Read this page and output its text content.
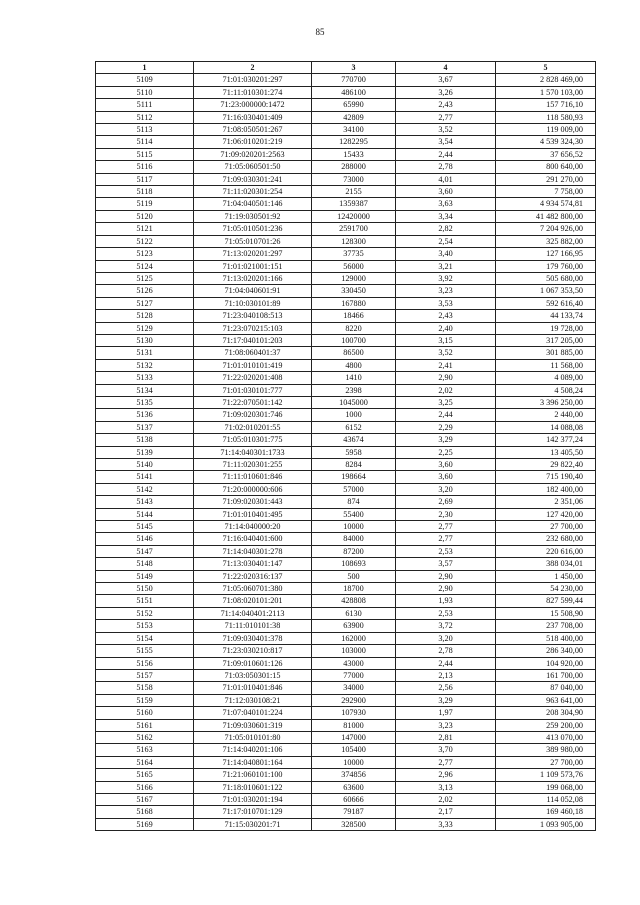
85
1	2	3	4	5
5109	71:01:030201:297	770700	3,67	2 828 469,00
5110	71:11:010301:274	486100	3,26	1 570 103,00
5111	71:23:000000:1472	65990	2,43	157 716,10
5112	71:16:030401:409	42809	2,77	118 580,93
5113	71:08:050501:267	34100	3,52	119 009,00
5114	71:06:010201:219	1282295	3,54	4 539 324,30
5115	71:09:020201:2563	15433	2,44	37 656,52
5116	71:05:060501:50	288000	2,78	800 640,00
5117	71:09:030301:241	73000	4,01	291 270,00
5118	71:11:020301:254	2155	3,60	7 758,00
5119	71:04:040501:146	1359387	3,63	4 934 574,81
5120	71:19:030501:92	12420000	3,34	41 482 800,00
5121	71:05:010501:236	2591700	2,82	7 204 926,00
5122	71:05:010701:26	128300	2,54	325 882,00
5123	71:13:020201:297	37735	3,40	127 166,95
5124	71:01:021001:151	56000	3,21	179 760,00
5125	71:13:020201:166	129000	3,92	505 680,00
5126	71:04:040601:91	330450	3,23	1 067 353,50
5127	71:10:030101:89	167880	3,53	592 616,40
5128	71:23:040108:513	18466	2,43	44 133,74
5129	71:23:070215:103	8220	2,40	19 728,00
5130	71:17:040101:203	100700	3,15	317 205,00
5131	71:08:060401:37	86500	3,52	301 885,00
5132	71:01:010101:419	4800	2,41	11 568,00
5133	71:22:020201:408	1410	2,90	4 089,00
5134	71:01:030101:777	2398	2,02	4 508,24
5135	71:22:070501:142	1045000	3,25	3 396 250,00
5136	71:09:020301:746	1000	2,44	2 440,00
5137	71:02:010201:55	6152	2,29	14 088,08
5138	71:05:010301:775	43674	3,29	142 377,24
5139	71:14:040301:1733	5958	2,25	13 405,50
5140	71:11:020301:255	8284	3,60	29 822,40
5141	71:11:010601:846	198664	3,60	715 190,40
5142	71:20:000000:606	57000	3,20	182 400,00
5143	71:09:020301:443	874	2,69	2 351,06
5144	71:01:010401:495	55400	2,30	127 420,00
5145	71:14:040000:20	10000	2,77	27 700,00
5146	71:16:040401:600	84000	2,77	232 680,00
5147	71:14:040301:278	87200	2,53	220 616,00
5148	71:13:030401:147	108693	3,57	388 034,01
5149	71:22:020316:137	500	2,90	1 450,00
5150	71:05:060701:380	18700	2,90	54 230,00
5151	71:08:020101:201	428808	1,93	827 599,44
5152	71:14:040401:2113	6130	2,53	15 508,90
5153	71:11:010101:38	63900	3,72	237 708,00
5154	71:09:030401:378	162000	3,20	518 400,00
5155	71:23:030210:817	103000	2,78	286 340,00
5156	71:09:010601:126	43000	2,44	104 920,00
5157	71:03:050301:15	77000	2,13	161 700,00
5158	71:01:010401:846	34000	2,56	87 040,00
5159	71:12:030108:21	292900	3,29	963 641,00
5160	71:07:040101:224	107930	1,97	208 304,90
5161	71:09:030601:319	81000	3,23	259 200,00
5162	71:05:010101:80	147000	2,81	413 070,00
5163	71:14:040201:106	105400	3,70	389 980,00
5164	71:14:040801:164	10000	2,77	27 700,00
5165	71:21:060101:100	374856	2,96	1 109 573,76
5166	71:18:010601:122	63600	3,13	199 068,00
5167	71:01:030201:194	60666	2,02	114 052,08
5168	71:17:010701:129	79187	2,17	169 460,18
5169	71:15:030201:71	328500	3,33	1 093 905,00
